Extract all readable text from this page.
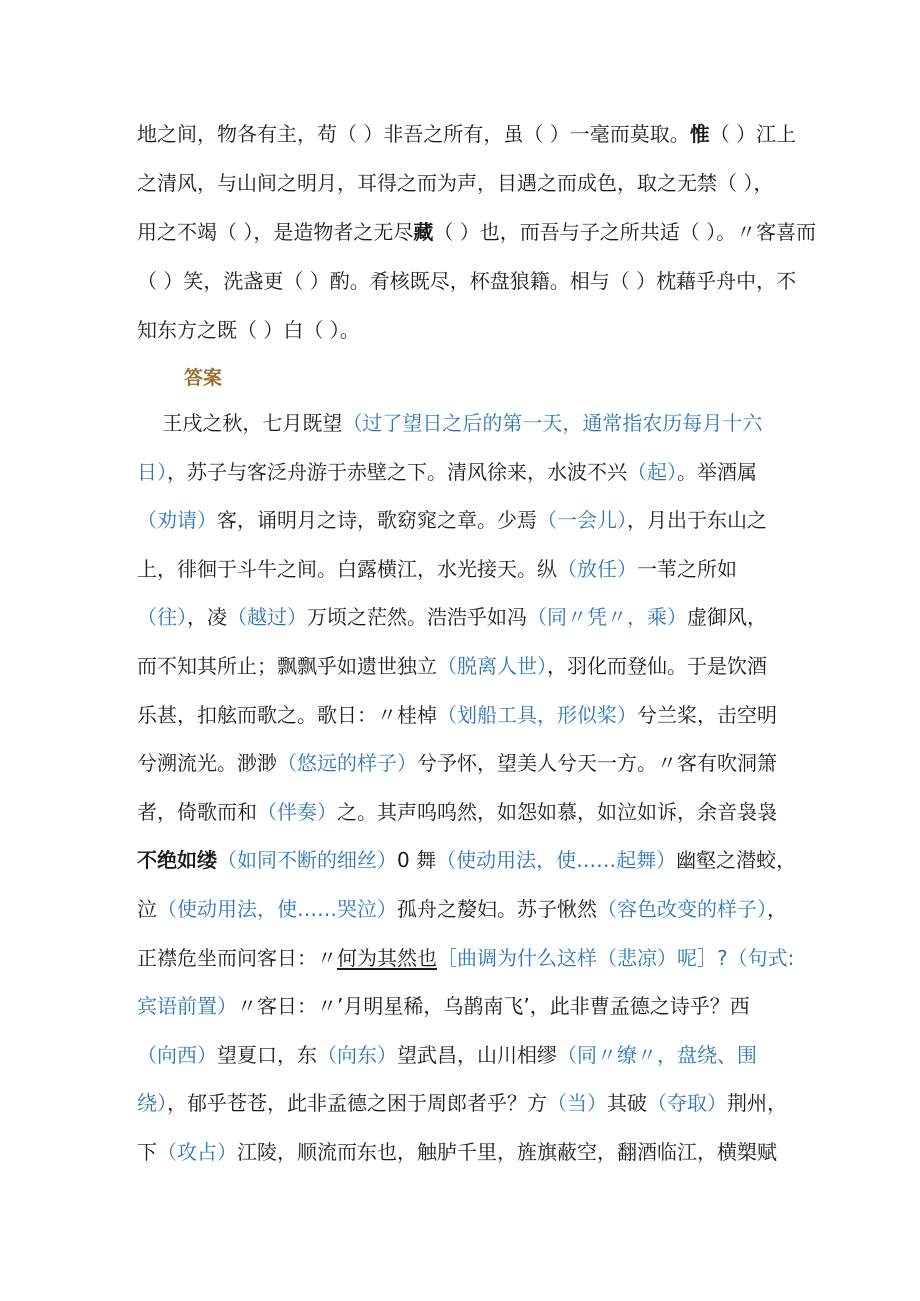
地之间，物各有主，苟（ ）非吾之所有，虽（ ）一毫而莫取。惟（ ）江上
之清风，与山间之明月，耳得之而为声，目遇之而成色，取之无禁（ ），
用之不竭（ ），是造物者之无尽藏（ ）也，而吾与子之所共适（ ）。〃客喜而
（ ）笑，洗盏更（ ）酌。肴核既尽，杯盘狼籍。相与（ ）枕藉乎舟中，不
知东方之既（ ）白（ ）。
答案
王戌之秋，七月既望（过了望日之后的第一天，通常指农历每月十六
日），苏子与客泛舟游于赤壁之下。清风徐来，水波不兴（起）。举酒属
（劝请）客，诵明月之诗，歌窈窕之章。少焉（一会儿），月出于东山之
上，徘徊于斗牛之间。白露横江，水光接天。纵（放任）一苇之所如
（往），凌（越过）万顷之茫然。浩浩乎如冯（同〃凭〃，乘）虚御风，
而不知其所止；飘飘乎如遗世独立（脱离人世），羽化而登仙。于是饮酒
乐甚，扣舷而歌之。歌日：〃桂棹（划船工具，形似桨）兮兰桨，击空明
兮溯流光。渺渺（悠远的样子）兮予怀，望美人兮天一方。〃客有吹洞箫
者，倚歌而和（伴奏）之。其声呜呜然，如怨如慕，如泣如诉，余音袅袅
不绝如缕（如同不断的细丝）0 舞（使动用法，使……起舞）幽壑之潜蛟，
泣（使动用法，使……哭泣）孤舟之嫠妇。苏子愀然（容色改变的样子），
正襟危坐而问客日：〃何为其然也［曲调为什么这样（悲凉）呢］?（句式:
宾语前置）〃客日：〃’月明星稀，乌鹊南飞’，此非曹孟德之诗乎？西
（向西）望夏口，东（向东）望武昌，山川相缪（同〃缭〃，盘绕、围
绕），郁乎苍苍，此非孟德之困于周郎者乎？方（当）其破（夺取）荆州，
下（攻占）江陵，顺流而东也，触胪千里，旌旗蔽空，翻酒临江，横槊赋
